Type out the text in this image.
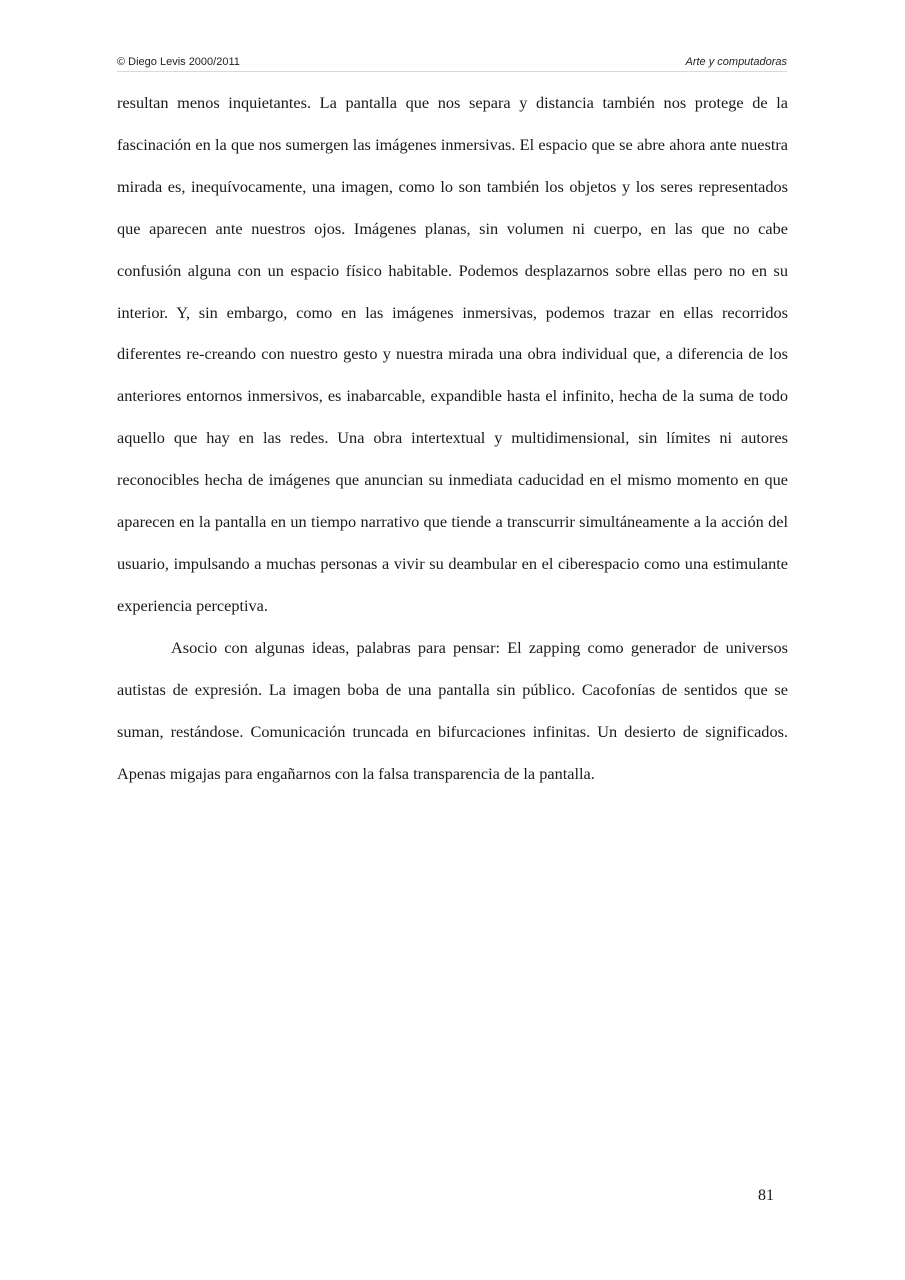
© Diego Levis 2000/2011	Arte y computadoras

resultan menos inquietantes. La pantalla que nos separa y distancia también nos protege de la fascinación en la que nos sumergen las imágenes inmersivas. El espacio que se abre ahora ante nuestra mirada es, inequívocamente, una imagen, como lo son también los objetos y los seres representados que aparecen ante nuestros ojos. Imágenes planas, sin volumen ni cuerpo, en las que no cabe confusión alguna con un espacio físico habitable. Podemos desplazarnos sobre ellas pero no en su interior. Y, sin embargo, como en las imágenes inmersivas, podemos trazar en ellas recorridos diferentes re-creando con nuestro gesto y nuestra mirada una obra individual que, a diferencia de los anteriores entornos inmersivos, es inabarcable, expandible hasta el infinito, hecha de la suma de todo aquello que hay en las redes. Una obra intertextual y multidimensional, sin límites ni autores reconocibles hecha de imágenes que anuncian su inmediata caducidad en el mismo momento en que aparecen en la pantalla en un tiempo narrativo que tiende a transcurrir simultáneamente a la acción del usuario, impulsando a muchas personas a vivir su deambular en el ciberespacio como una estimulante experiencia perceptiva.

Asocio con algunas ideas, palabras para pensar: El zapping como generador de universos autistas de expresión. La imagen boba de una pantalla sin público. Cacofonías de sentidos que se suman, restándose. Comunicación truncada en bifurcaciones infinitas. Un desierto de significados. Apenas migajas para engañarnos con la falsa transparencia de la pantalla.

81
